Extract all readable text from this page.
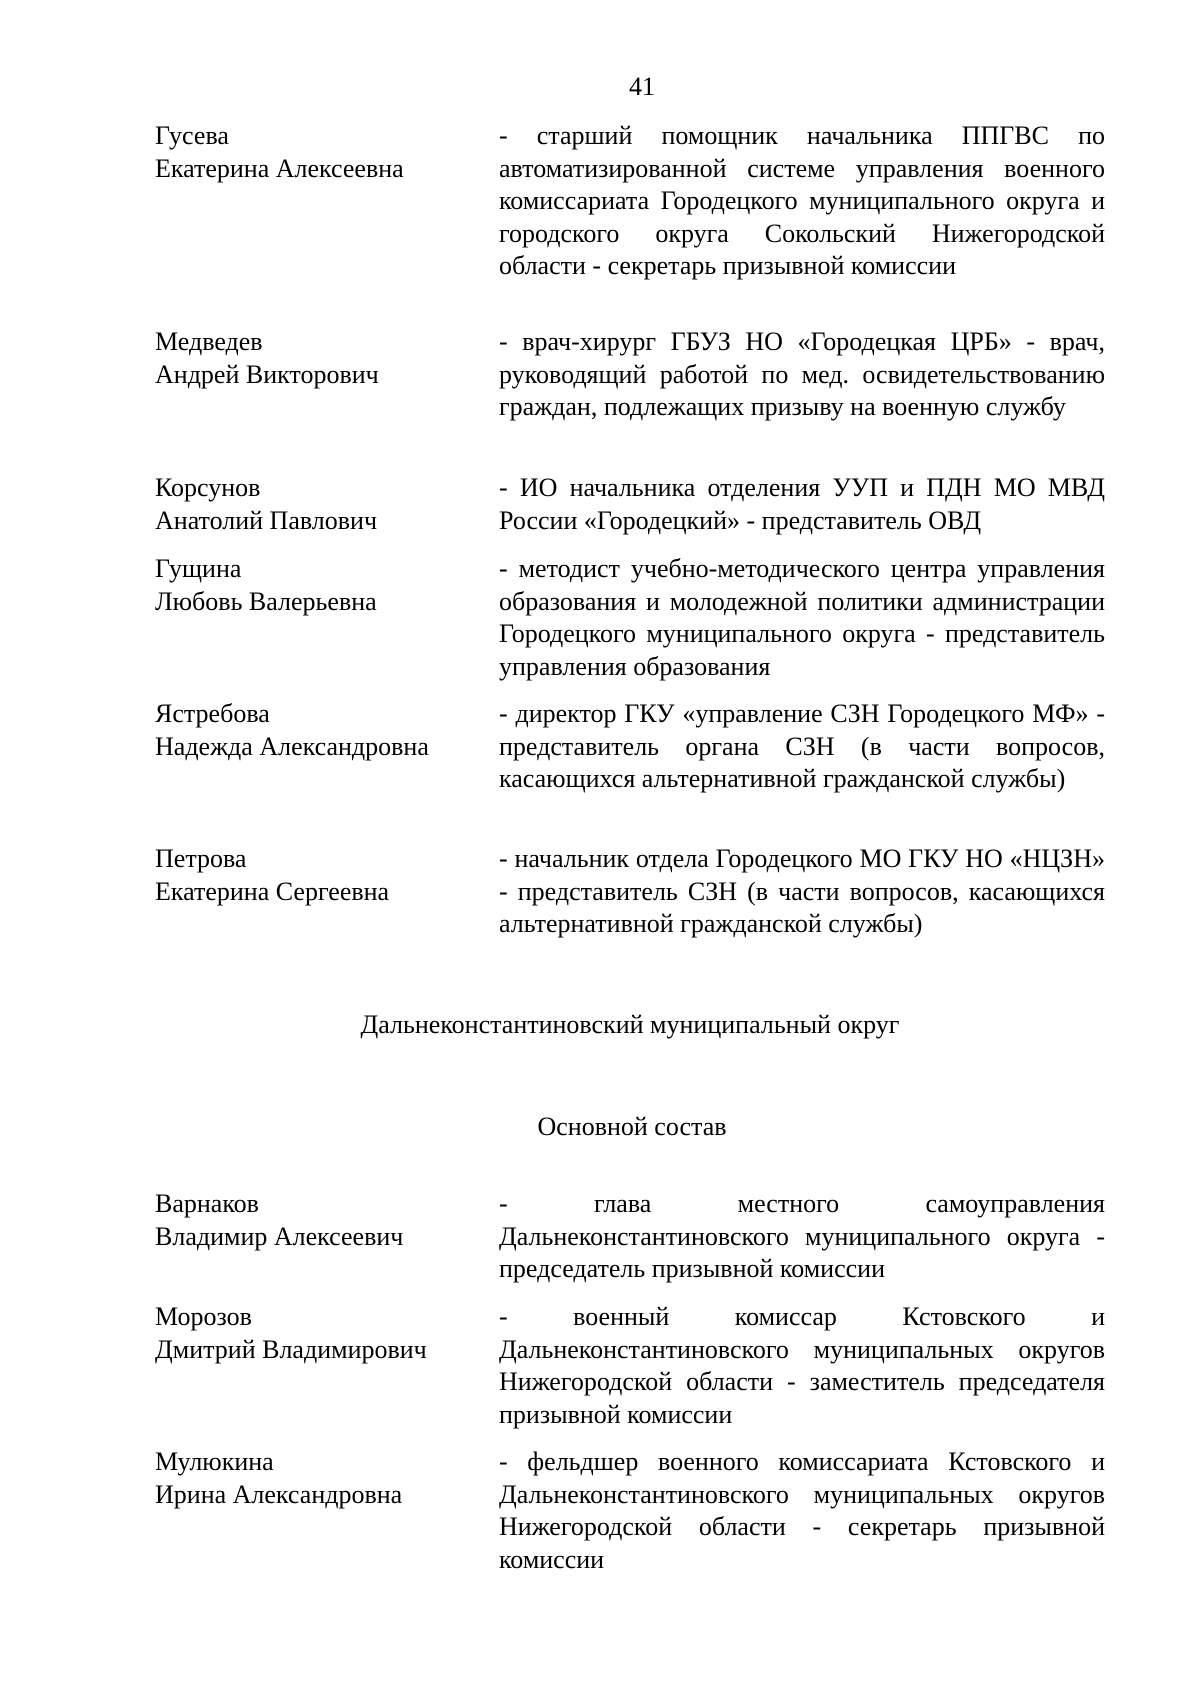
41
Гусева
Екатерина Алексеевна
- старший помощник начальника ППГВС по автоматизированной системе управления военного комиссариата Городецкого муниципального округа и городского округа Сокольский Нижегородской области - секретарь призывной комиссии
Медведев
Андрей Викторович
- врач-хирург ГБУЗ НО «Городецкая ЦРБ» - врач, руководящий работой по мед. освидетельствованию граждан, подлежащих призыву на военную службу
Корсунов
Анатолий Павлович
- ИО начальника отделения УУП и ПДН МО МВД России «Городецкий» - представитель ОВД
Гущина
Любовь Валерьевна
- методист учебно-методического центра управления образования и молодежной политики администрации Городецкого муниципального округа - представитель управления образования
Ястребова
Надежда Александровна
- директор ГКУ «управление СЗН Городецкого МФ» - представитель органа СЗН (в части вопросов, касающихся альтернативной гражданской службы)
Петрова
Екатерина Сергеевна
- начальник отдела Городецкого МО ГКУ НО «НЦЗН» - представитель СЗН (в части вопросов, касающихся альтернативной гражданской службы)
Дальнеконстантиновский муниципальный округ
Основной состав
Варнаков
Владимир Алексеевич
- глава местного самоуправления Дальнеконстантиновского муниципального округа - председатель призывной комиссии
Морозов
Дмитрий Владимирович
- военный комиссар Кстовского и Дальнеконстантиновского муниципальных округов Нижегородской области - заместитель председателя призывной комиссии
Мулюкина
Ирина Александровна
- фельдшер военного комиссариата Кстовского и Дальнеконстантиновского муниципальных округов Нижегородской области - секретарь призывной комиссии
